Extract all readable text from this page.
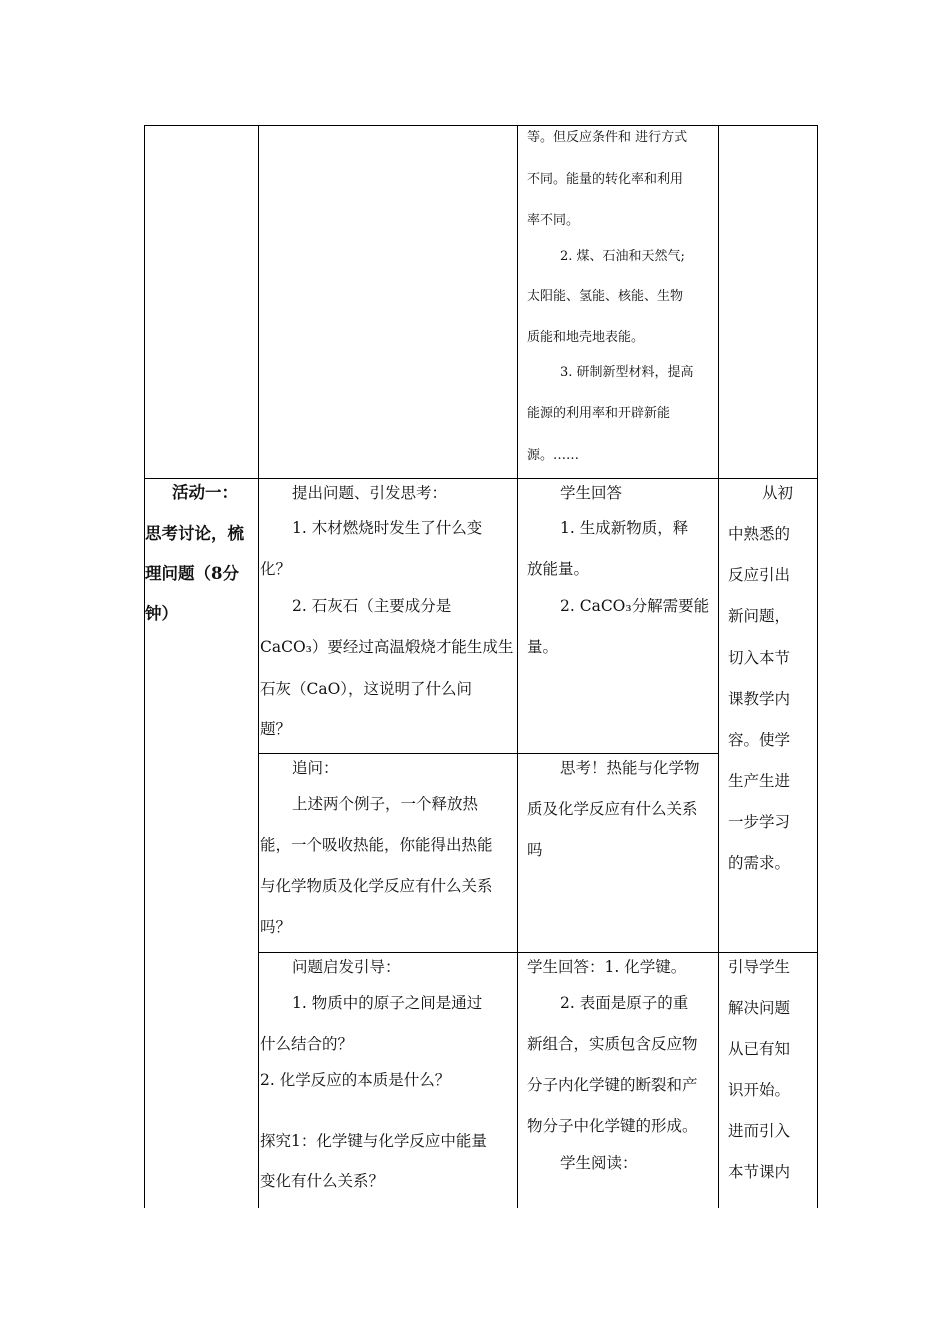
等。但反应条件和 进行方式
不同。能量的转化率和利用
率不同。
2. 煤、石油和天然气;
太阳能、氢能、核能、生物
质能和地壳地表能。
3. 研制新型材料，提高
能源的利用率和开辟新能
源。……
活动一：
思考讨论，梳
理问题（8分
钟）
提出问题、引发思考：
1. 木材燃烧时发生了什么变
化？
2. 石灰石（主要成分是
CaCO₃）要经过高温煅烧才能生成生
石灰（CaO），这说明了什么问
题？
学生回答
1. 生成新物质，释
放能量。
2. CaCO₃分解需要能
量。
从初
中熟悉的
反应引出
新问题，
切入本节
课教学内
容。使学
生产生进
一步学习
的需求。
追问：
上述两个例子，一个释放热
能，一个吸收热能，你能得出热能
与化学物质及化学反应有什么关系
吗？
思考！热能与化学物
质及化学反应有什么关系
吗
问题启发引导：
1. 物质中的原子之间是通过
什么结合的？
2. 化学反应的本质是什么？
探究1：化学键与化学反应中能量
变化有什么关系？
学生回答：1. 化学键。
2. 表面是原子的重
新组合，实质包含反应物
分子内化学键的断裂和产
物分子中化学键的形成。
学生阅读：
引导学生
解决问题
从已有知
识开始。
进而引入
本节课内
